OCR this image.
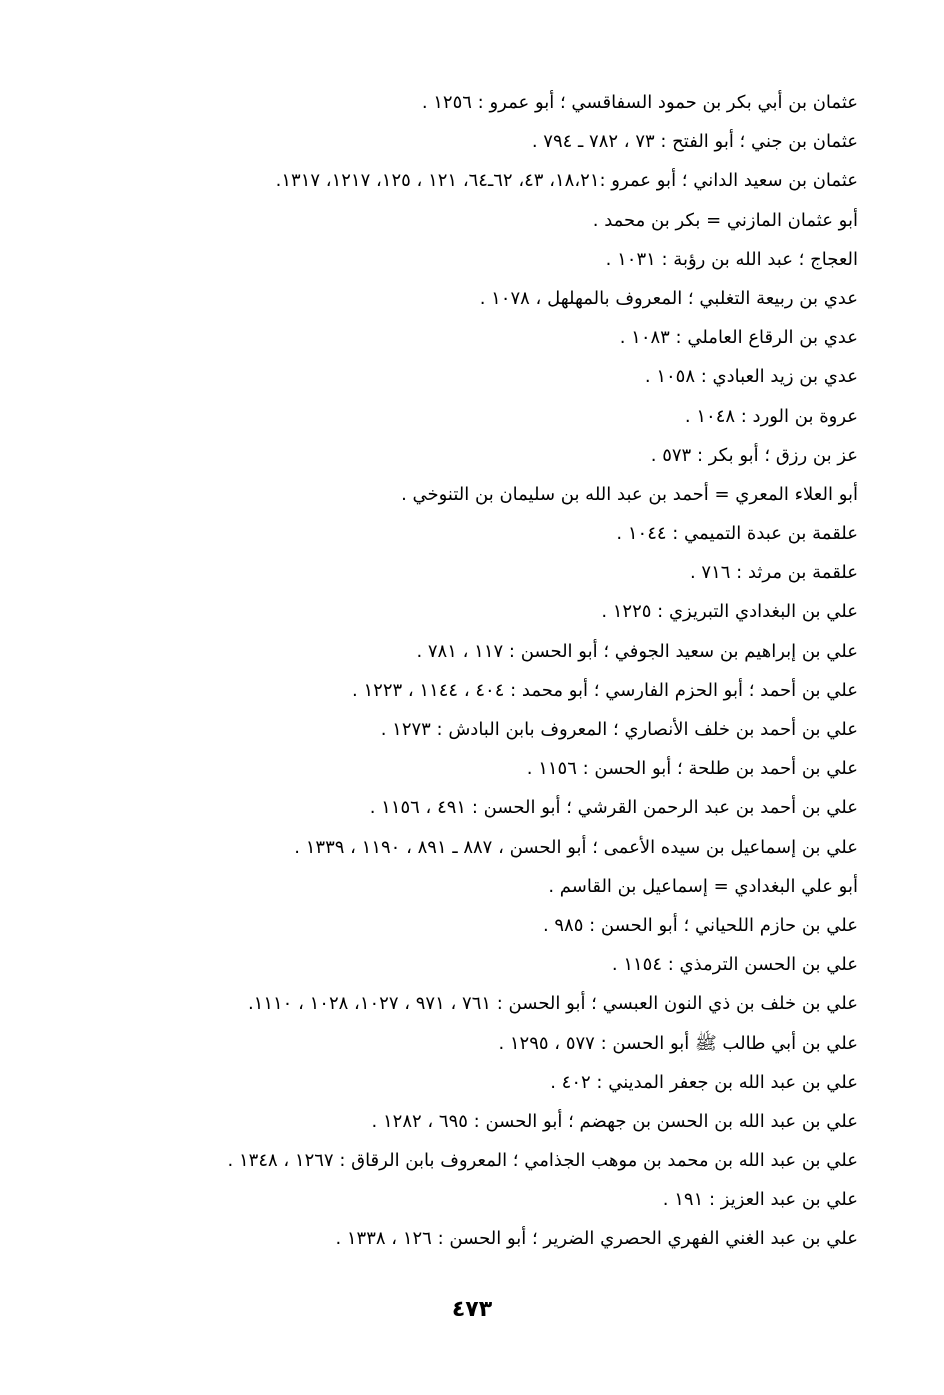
عثمان بن أبي بكر بن حمود السفاقسي ؛ أبو عمرو : ١٢٥٦ .
عثمان بن جني ؛ أبو الفتح : ٧٣ ، ٧٨٢ ـ ٧٩٤ .
عثمان بن سعيد الداني ؛ أبو عمرو :١٨،٢١، ٤٣، ٦٢ـ٦٤، ١٢١ ، ١٢٥، ١٢١٧، ١٣١٧.
أبو عثمان المازني = بكر بن محمد .
العجاج ؛ عبد الله بن رؤبة : ١٠٣١ .
عدي بن ربيعة التغلبي ؛ المعروف بالمهلهل ، ١٠٧٨ .
عدي بن الرقاع العاملي : ١٠٨٣ .
عدي بن زيد العبادي : ١٠٥٨ .
عروة بن الورد : ١٠٤٨ .
عز بن رزق ؛ أبو بكر : ٥٧٣ .
أبو العلاء المعري = أحمد بن عبد الله بن سليمان بن التنوخي .
علقمة بن عبدة التميمي : ١٠٤٤ .
علقمة بن مرثد : ٧١٦ .
علي بن البغدادي التبريزي : ١٢٢٥ .
علي بن إبراهيم بن سعيد الجوفي ؛ أبو الحسن : ١١٧ ، ٧٨١ .
علي بن أحمد ؛ أبو الحزم الفارسي ؛ أبو محمد : ٤٠٤ ، ١١٤٤ ، ١٢٢٣ .
علي بن أحمد بن خلف الأنصاري ؛ المعروف بابن البادش : ١٢٧٣ .
علي بن أحمد بن طلحة ؛ أبو الحسن : ١١٥٦ .
علي بن أحمد بن عبد الرحمن القرشي ؛ أبو الحسن : ٤٩١ ، ١١٥٦ .
علي بن إسماعيل بن سيده الأعمى ؛ أبو الحسن ، ٨٨٧ ـ ٨٩١ ، ١١٩٠ ، ١٣٣٩ .
أبو علي البغدادي = إسماعيل بن القاسم .
علي بن حازم اللحياني ؛ أبو الحسن : ٩٨٥ .
علي بن الحسن الترمذي : ١١٥٤ .
علي بن خلف بن ذي النون العبسي ؛ أبو الحسن : ٧٦١ ، ٩٧١ ، ١٠٢٧، ١٠٢٨ ، ١١١٠.
علي بن أبي طالب ﷺ أبو الحسن : ٥٧٧ ، ١٢٩٥ .
علي بن عبد الله بن جعفر المديني : ٤٠٢ .
علي بن عبد الله بن الحسن بن جهضم ؛ أبو الحسن : ٦٩٥ ، ١٢٨٢ .
علي بن عبد الله بن محمد بن موهب الجذامي ؛ المعروف بابن الرقاق : ١٢٦٧ ، ١٣٤٨ .
علي بن عبد العزيز : ١٩١ .
علي بن عبد الغني الفهري الحصري الضرير ؛ أبو الحسن : ١٢٦ ، ١٣٣٨ .
٤٧٣
